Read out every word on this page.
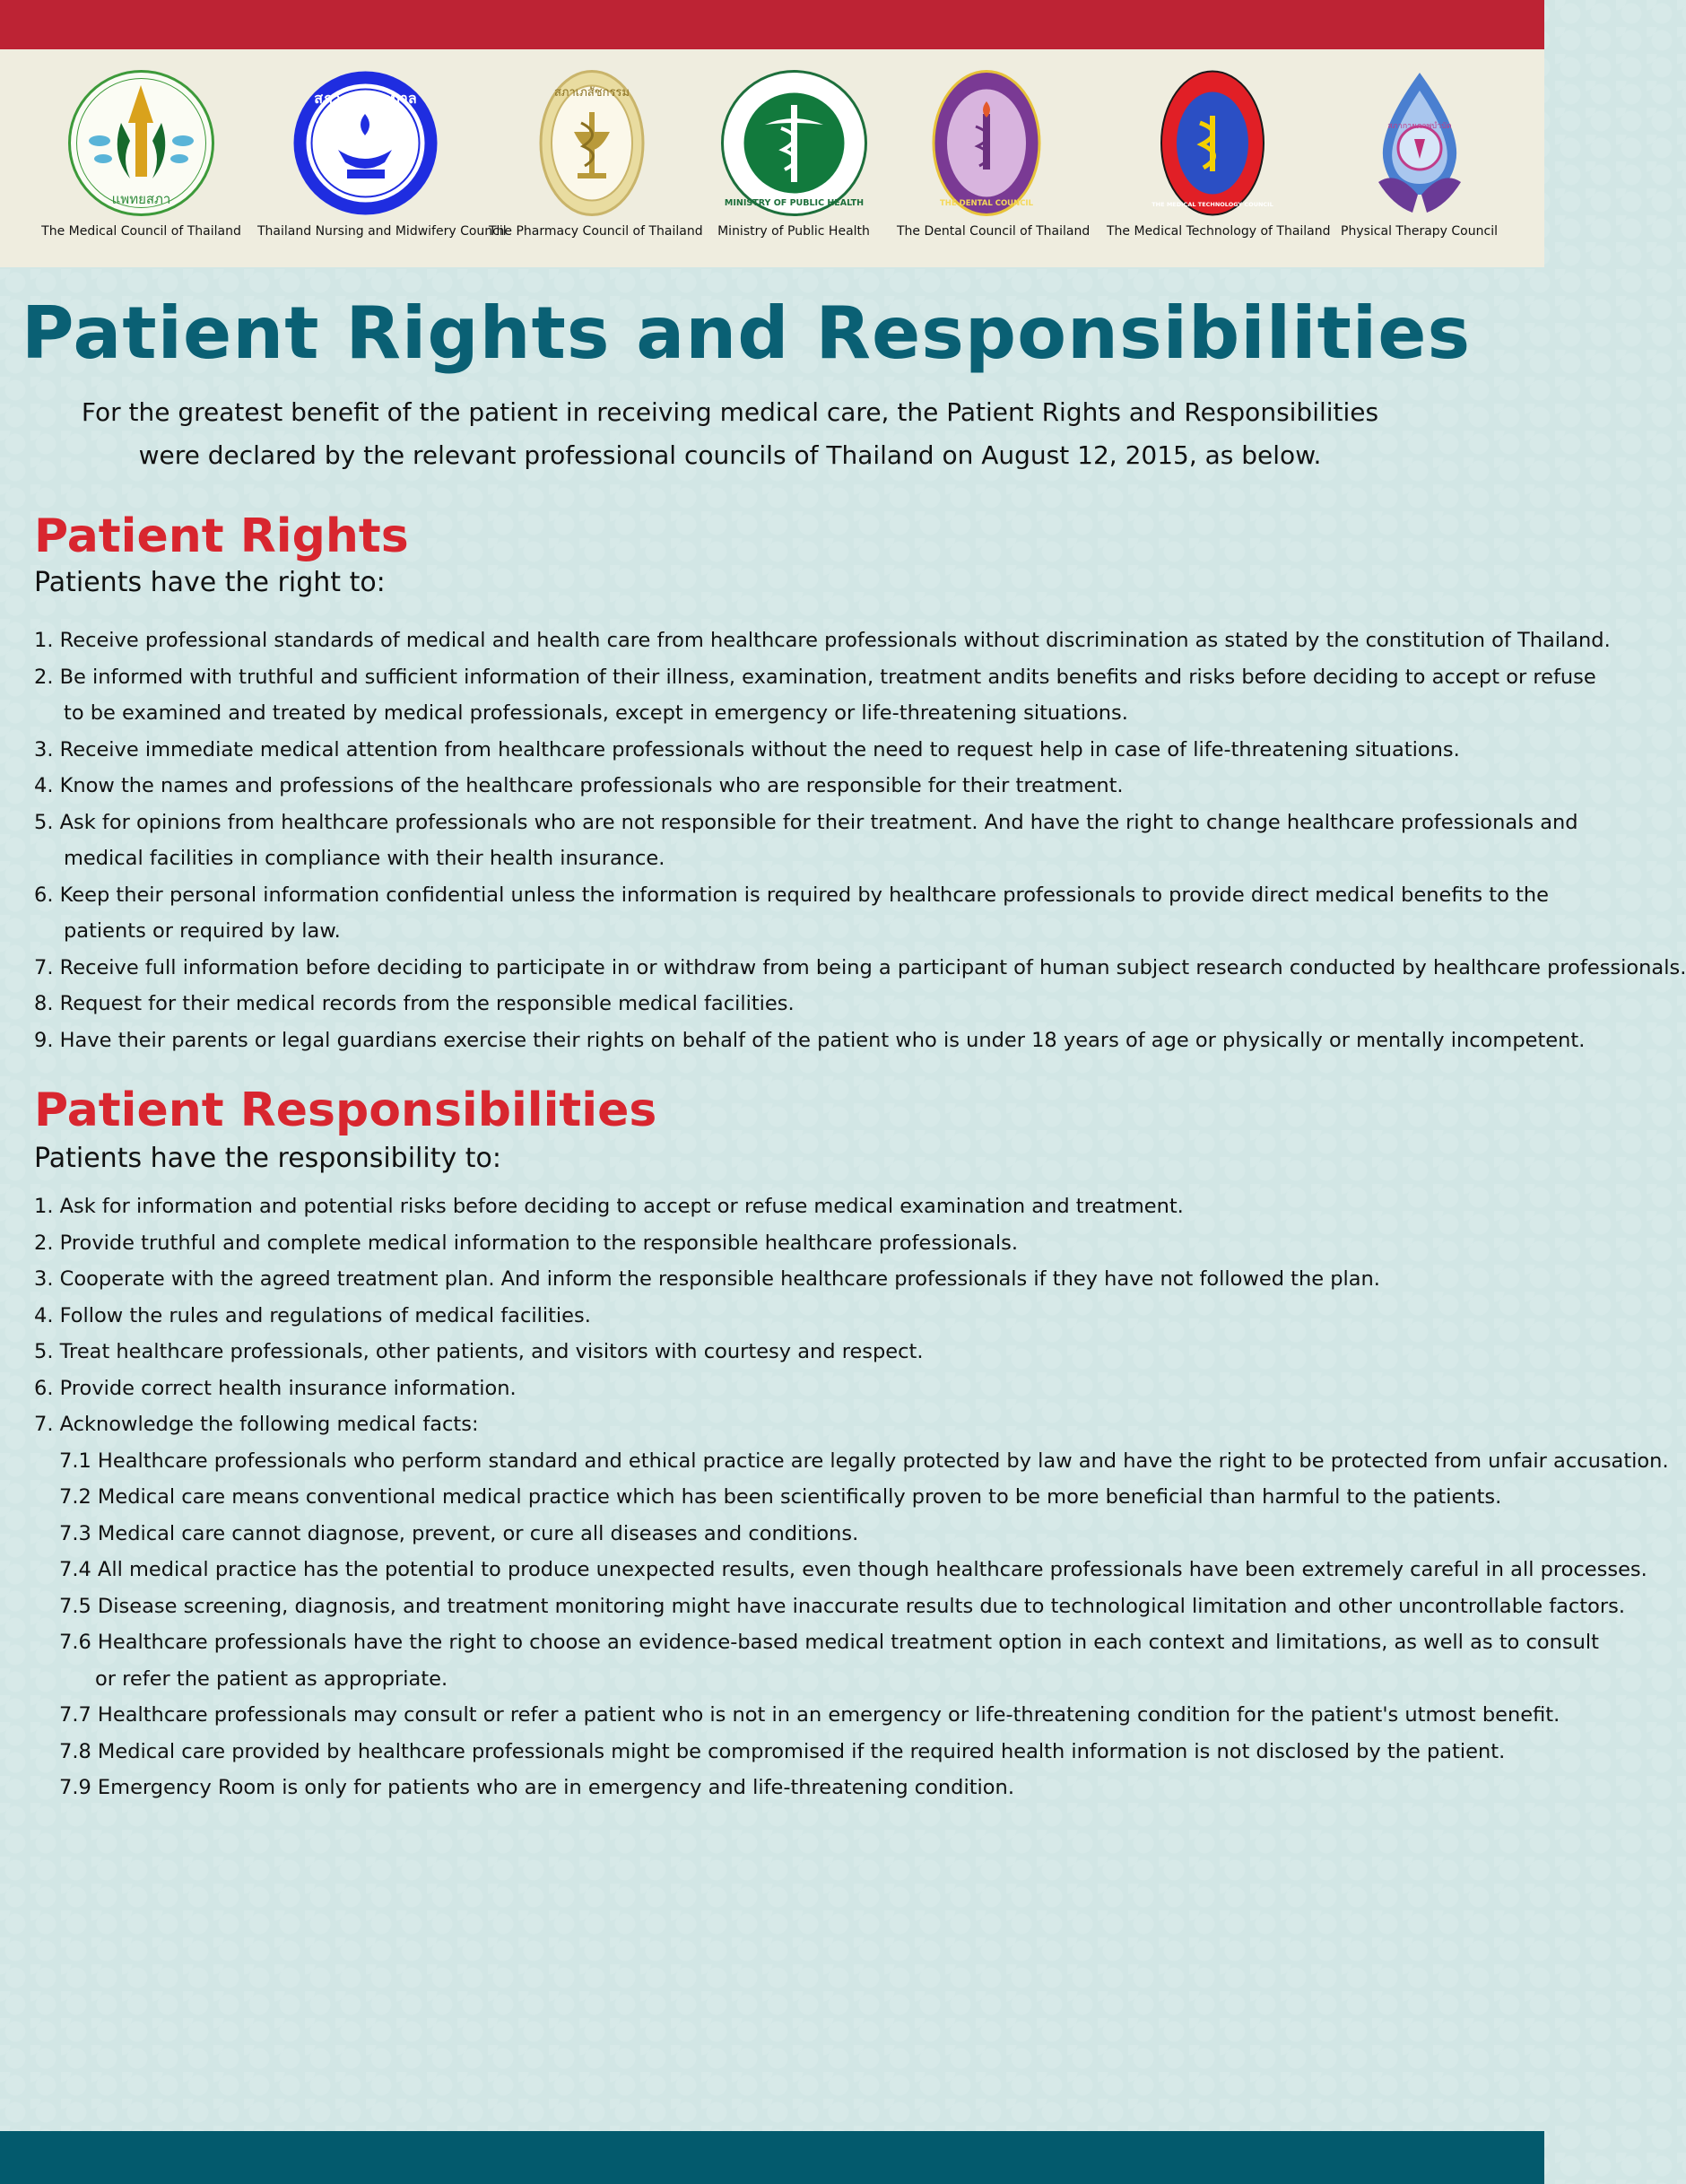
แพทยสภา
The Medical Council of Thailand
สภาการพยาบาล
Thailand Nursing and Midwifery Council
สภาเภสัชกรรม
The Pharmacy Council of Thailand
MINISTRY OF PUBLIC HEALTH
Ministry of Public Health
THE DENTAL COUNCIL
The Dental Council of Thailand
THE MEDICAL TECHNOLOGY COUNCIL
The Medical Technology of Thailand
สภากายภาพบำบัด
Physical Therapy Council
Patient Rights and Responsibilities
For the greatest benefit of the patient in receiving medical care, the Patient Rights and Responsibilities
were declared by the relevant professional councils of Thailand on August 12, 2015, as below.
Patient Rights
Patients have the right to:
1. Receive professional standards of medical and health care from healthcare professionals without discrimination as stated by the constitution of Thailand.
2. Be informed with truthful and sufficient information of their illness, examination, treatment andits benefits and risks before deciding to accept or refuse
to be examined and treated by medical professionals, except in emergency or life-threatening situations.
3. Receive immediate medical attention from healthcare professionals without the need to request help in case of life-threatening situations.
4. Know the names and professions of the healthcare professionals who are responsible for their treatment.
5. Ask for opinions from healthcare professionals who are not responsible for their treatment. And have the right to change healthcare professionals and
medical facilities in compliance with their health insurance.
6. Keep their personal information confidential unless the information is required by healthcare professionals to provide direct medical benefits to the
patients or required by law.
7. Receive full information before deciding to participate in or withdraw from being a participant of human subject research conducted by healthcare professionals.
8. Request for their medical records from the responsible medical facilities.
9. Have their parents or legal guardians exercise their rights on behalf of the patient who is under 18 years of age or physically or mentally incompetent.
Patient Responsibilities
Patients have the responsibility to:
1. Ask for information and potential risks before deciding to accept or refuse medical examination and treatment.
2. Provide truthful and complete medical information to the responsible healthcare professionals.
3. Cooperate with the agreed treatment plan. And inform the responsible healthcare professionals if they have not followed the plan.
4. Follow the rules and regulations of medical facilities.
5. Treat healthcare professionals, other patients, and visitors with courtesy and respect.
6. Provide correct health insurance information.
7. Acknowledge the following medical facts:
7.1 Healthcare professionals who perform standard and ethical practice are legally protected by law and have the right to be protected from unfair accusation.
7.2 Medical care means conventional medical practice which has been scientifically proven to be more beneficial than harmful to the patients.
7.3 Medical care cannot diagnose, prevent, or cure all diseases and conditions.
7.4 All medical practice has the potential to produce unexpected results, even though healthcare professionals have been extremely careful in all processes.
7.5 Disease screening, diagnosis, and treatment monitoring might have inaccurate results due to technological limitation and other uncontrollable factors.
7.6 Healthcare professionals have the right to choose an evidence-based medical treatment option in each context and limitations, as well as to consult
or refer the patient as appropriate.
7.7 Healthcare professionals may consult or refer a patient who is not in an emergency or life-threatening condition for the patient's utmost benefit.
7.8 Medical care provided by healthcare professionals might be compromised if the required health information is not disclosed by the patient.
7.9 Emergency Room is only for patients who are in emergency and life-threatening condition.
